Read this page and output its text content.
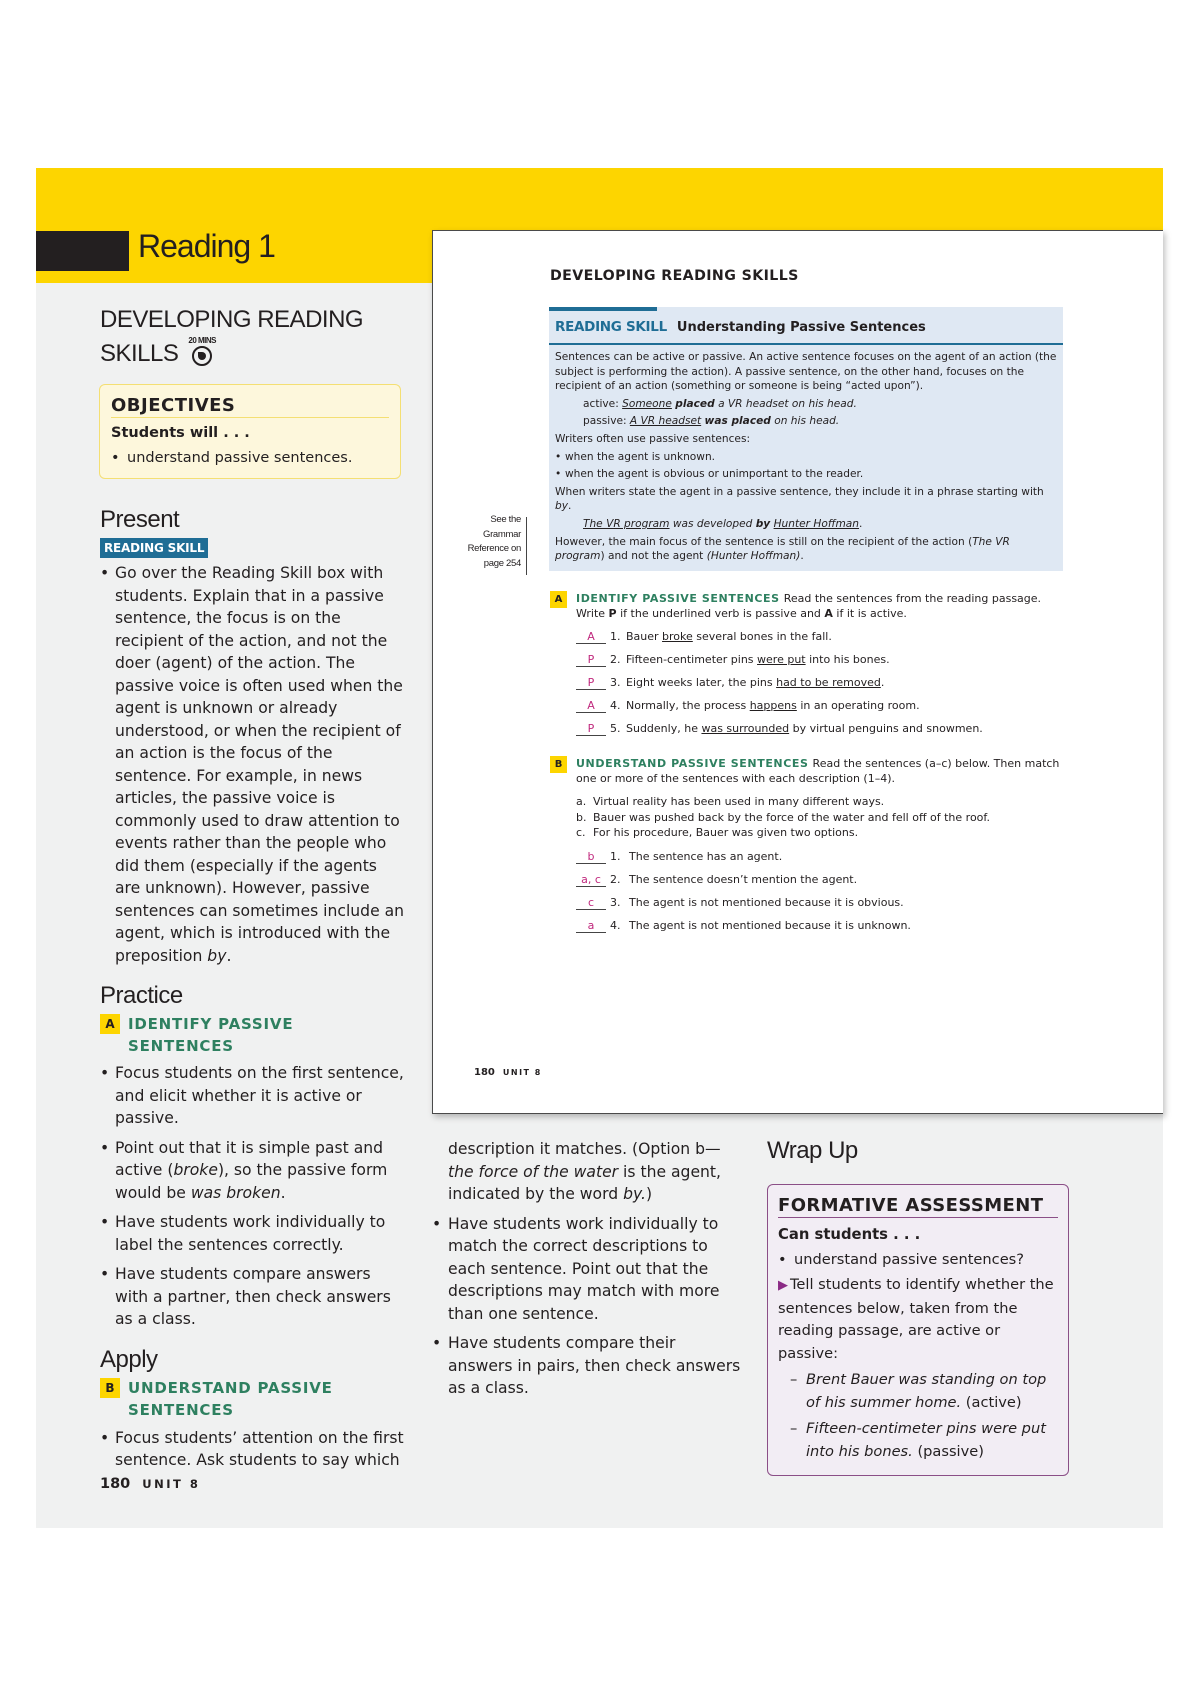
Reading 1
DEVELOPING READING
SKILLS 20 MINS
OBJECTIVES
Students will . . .
• understand passive sentences.
Present
READING SKILL
• Go over the Reading Skill box with students. Explain that in a passive sentence, the focus is on the recipient of the action, and not the doer (agent) of the action. The passive voice is often used when the agent is unknown or already understood, or when the recipient of an action is the focus of the sentence. For example, in news articles, the passive voice is commonly used to draw attention to events rather than the people who did them (especially if the agents are unknown). However, passive sentences can sometimes include an agent, which is introduced with the preposition by.
Practice
A IDENTIFY PASSIVE SENTENCES
• Focus students on the first sentence, and elicit whether it is active or passive.
• Point out that it is simple past and active (broke), so the passive form would be was broken.
• Have students work individually to label the sentences correctly.
• Have students compare answers with a partner, then check answers as a class.
Apply
B UNDERSTAND PASSIVE SENTENCES
• Focus students’ attention on the first sentence. Ask students to say which
180 UNIT 8
DEVELOPING READING SKILLS
READING SKILL Understanding Passive Sentences

Sentences can be active or passive. An active sentence focuses on the agent of an action (the subject is performing the action). A passive sentence, on the other hand, focuses on the recipient of an action (something or someone is being “acted upon”).

active: Someone placed a VR headset on his head.

passive: A VR headset was placed on his head.

Writers often use passive sentences:

• when the agent is unknown.

• when the agent is obvious or unimportant to the reader.

When writers state the agent in a passive sentence, they include it in a phrase starting with by.

The VR program was developed by Hunter Hoffman.

However, the main focus of the sentence is still on the recipient of the action (The VR program) and not the agent (Hunter Hoffman).

See the
Grammar
Reference on
page 254
A	IDENTIFY PASSIVE SENTENCES Read the sentences from the reading passage. Write P if the underlined verb is passive and A if it is active.
A	1. Bauer broke several bones in the fall.
P	2. Fifteen-centimeter pins were put into his bones.
P	3. Eight weeks later, the pins had to be removed.
A	4. Normally, the process happens in an operating room.
P	5. Suddenly, he was surrounded by virtual penguins and snowmen.
B	UNDERSTAND PASSIVE SENTENCES Read the sentences (a–c) below. Then match one or more of the sentences with each description (1–4).
a. Virtual reality has been used in many different ways.
b. Bauer was pushed back by the force of the water and fell off of the roof.
c. For his procedure, Bauer was given two options.
b	1. The sentence has an agent.
a, c 2. The sentence doesn’t mention the agent.
c	3. The agent is not mentioned because it is obvious.
a	4. The agent is not mentioned because it is unknown.
180 UNIT 8
description it matches. (Option b—the force of the water is the agent, indicated by the word by.)
• Have students work individually to match the correct descriptions to each sentence. Point out that the descriptions may match with more than one sentence.
• Have students compare their answers in pairs, then check answers as a class.
Wrap Up
FORMATIVE ASSESSMENT
Can students . . .
• understand passive sentences?
▶ Tell students to identify whether the sentences below, taken from the reading passage, are active or passive:
– Brent Bauer was standing on top of his summer home. (active)
– Fifteen-centimeter pins were put into his bones. (passive)
